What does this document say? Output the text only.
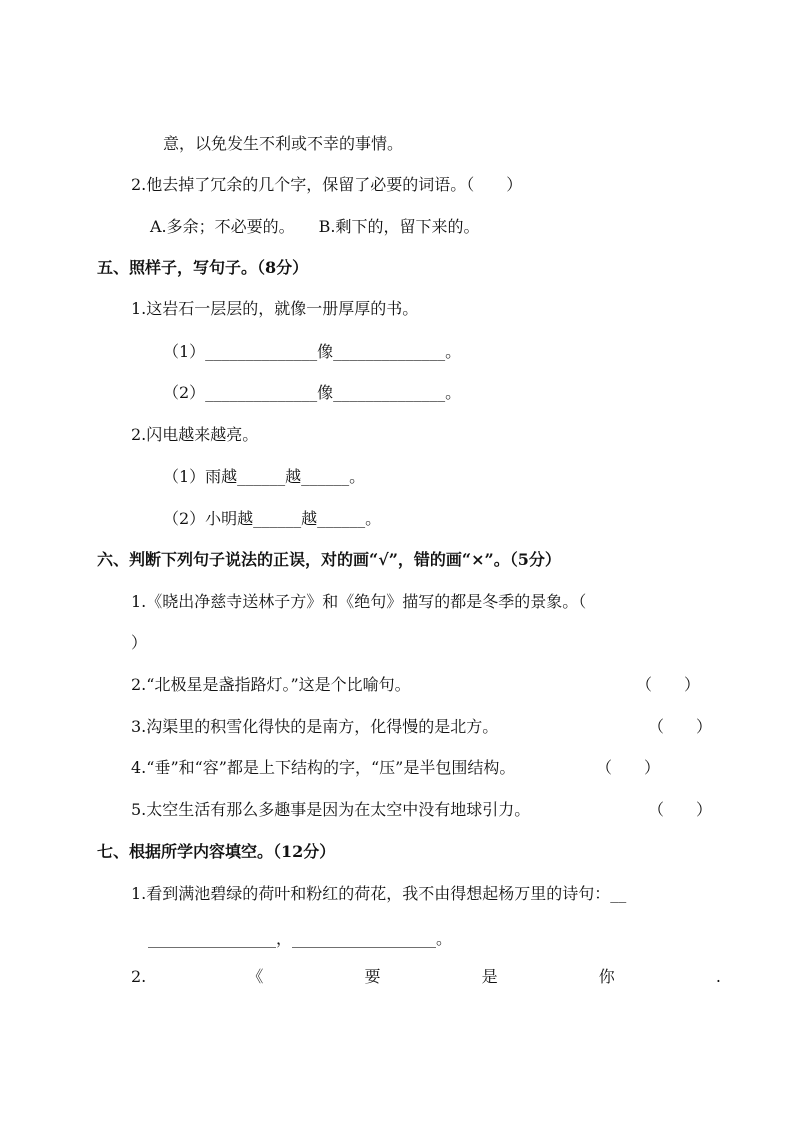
意，以免发生不利或不幸的事情。
2.他去掉了冗余的几个字，保留了必要的词语。（　　）
A.多余；不必要的。　　B.剩下的，留下来的。
五、照样子，写句子。（8分）
1.这岩石一层层的，就像一册厚厚的书。
（1）______________像______________。
（2）______________像______________。
2.闪电越来越亮。
（1）雨越______越______。
（2）小明越______越______。
六、判断下列句子说法的正误，对的画“√”，错的画“×”。（5分）
1.《晓出净慈寺送林子方》和《绝句》描写的都是冬季的景象。（
）
2.“北极星是盏指路灯。”这是个比喻句。	（　　）
3.沟渠里的积雪化得快的是南方，化得慢的是北方。	（　　）
4.“垂”和“容”都是上下结构的字，“压”是半包围结构。	（　　）
5.太空生活有那么多趣事是因为在太空中没有地球引力。	（　　）
七、根据所学内容填空。（12分）
1.看到满池碧绿的荷叶和粉红的荷花，我不由得想起杨万里的诗句：__
________________，__________________。
2.	《	要	是	你	.
